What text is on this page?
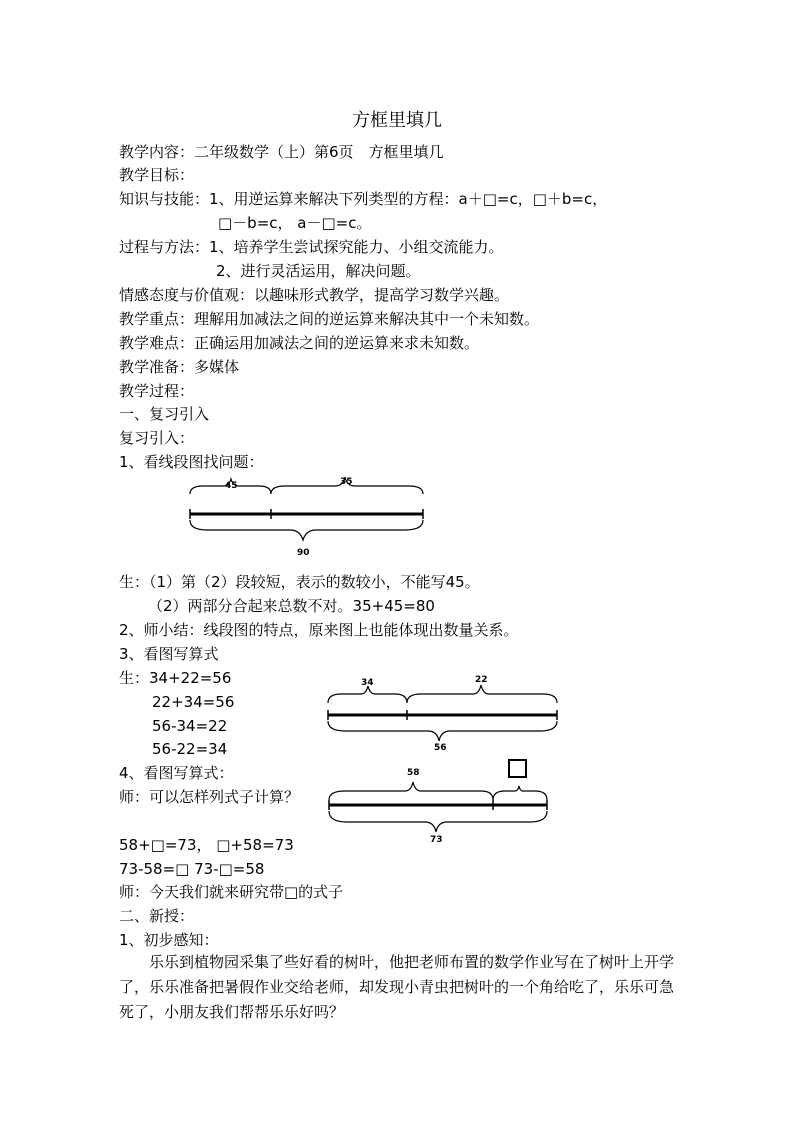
方框里填几
教学内容：二年级数学（上）第6页　方框里填几
教学目标：
知识与技能：1、用逆运算来解决下列类型的方程：a＋□=c，□＋b=c，
□－b=c， a－□=c。
过程与方法：1、培养学生尝试探究能力、小组交流能力。
2、进行灵活运用，解决问题。
情感态度与价值观：以趣味形式教学，提高学习数学兴趣。
教学重点：理解用加减法之间的逆运算来解决其中一个未知数。
教学难点：正确运用加减法之间的逆运算来求未知数。
教学准备：多媒体
教学过程：
一、复习引入
复习引入：
1、看线段图找问题：
45	35
90
生：（1）第（2）段较短，表示的数较小，不能写45。
（2）两部分合起来总数不对。35+45=80
2、师小结：线段图的特点，原来图上也能体现出数量关系。
3、看图写算式
生：34+22=56
22+34=56
56-34=22
56-22=34
34	22
56
4、看图写算式：
师：可以怎样列式子计算？
58
73
58+□=73， □+58=73
73-58=□ 73-□=58
师：今天我们就来研究带□的式子
二、新授：
1、初步感知：
乐乐到植物园采集了些好看的树叶，他把老师布置的数学作业写在了树叶上开学了，乐乐准备把暑假作业交给老师，却发现小青虫把树叶的一个角给吃了，乐乐可急死了，小朋友我们帮帮乐乐好吗？
